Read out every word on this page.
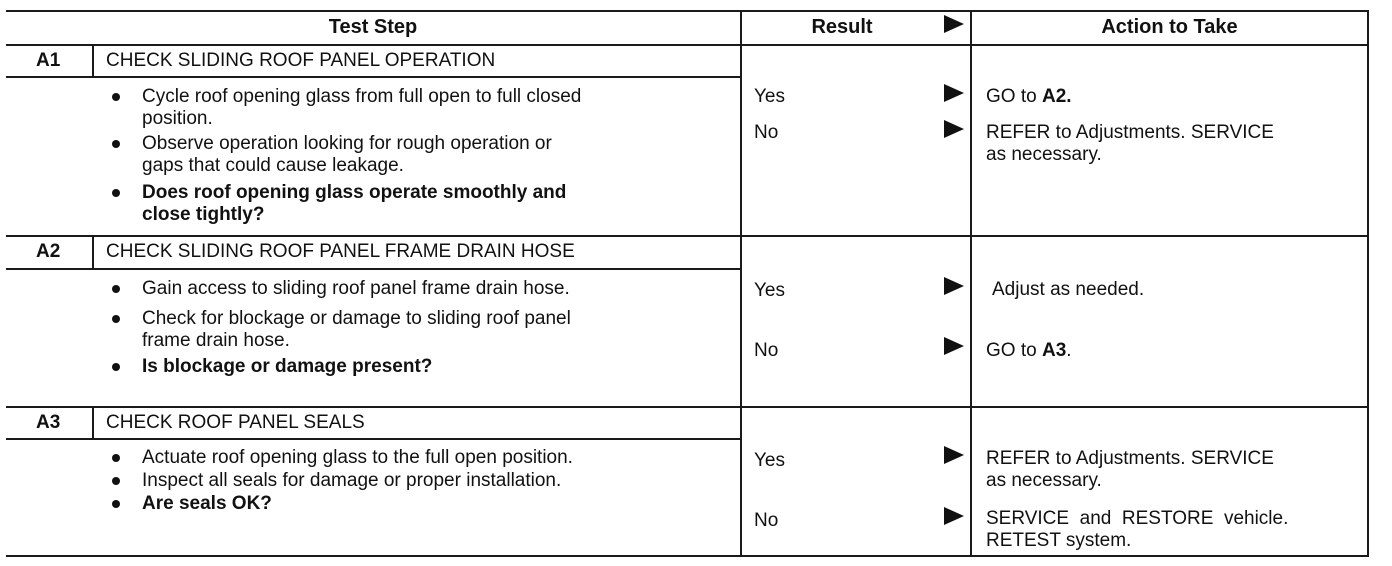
Test Step	Result	Action to Take
A1 CHECK SLIDING ROOF PANEL OPERATION
Cycle roof opening glass from full open to full closed
position.
Observe operation looking for rough operation or
gaps that could cause leakage.
Does roof opening glass operate smoothly and
close tightly?
Yes	GO to A2.
No	REFER to Adjustments. SERVICE
as necessary.
A2 CHECK SLIDING ROOF PANEL FRAME DRAIN HOSE
Gain access to sliding roof panel frame drain hose.
Check for blockage or damage to sliding roof panel
frame drain hose.
Is blockage or damage present?
Yes	Adjust as needed.
No	GO to A3.
A3 CHECK ROOF PANEL SEALS
Actuate roof opening glass to the full open position.
Inspect all seals for damage or proper installation.
Are seals OK?
Yes	REFER to Adjustments. SERVICE
as necessary.
No	SERVICE  and  RESTORE  vehicle.
RETEST system.
